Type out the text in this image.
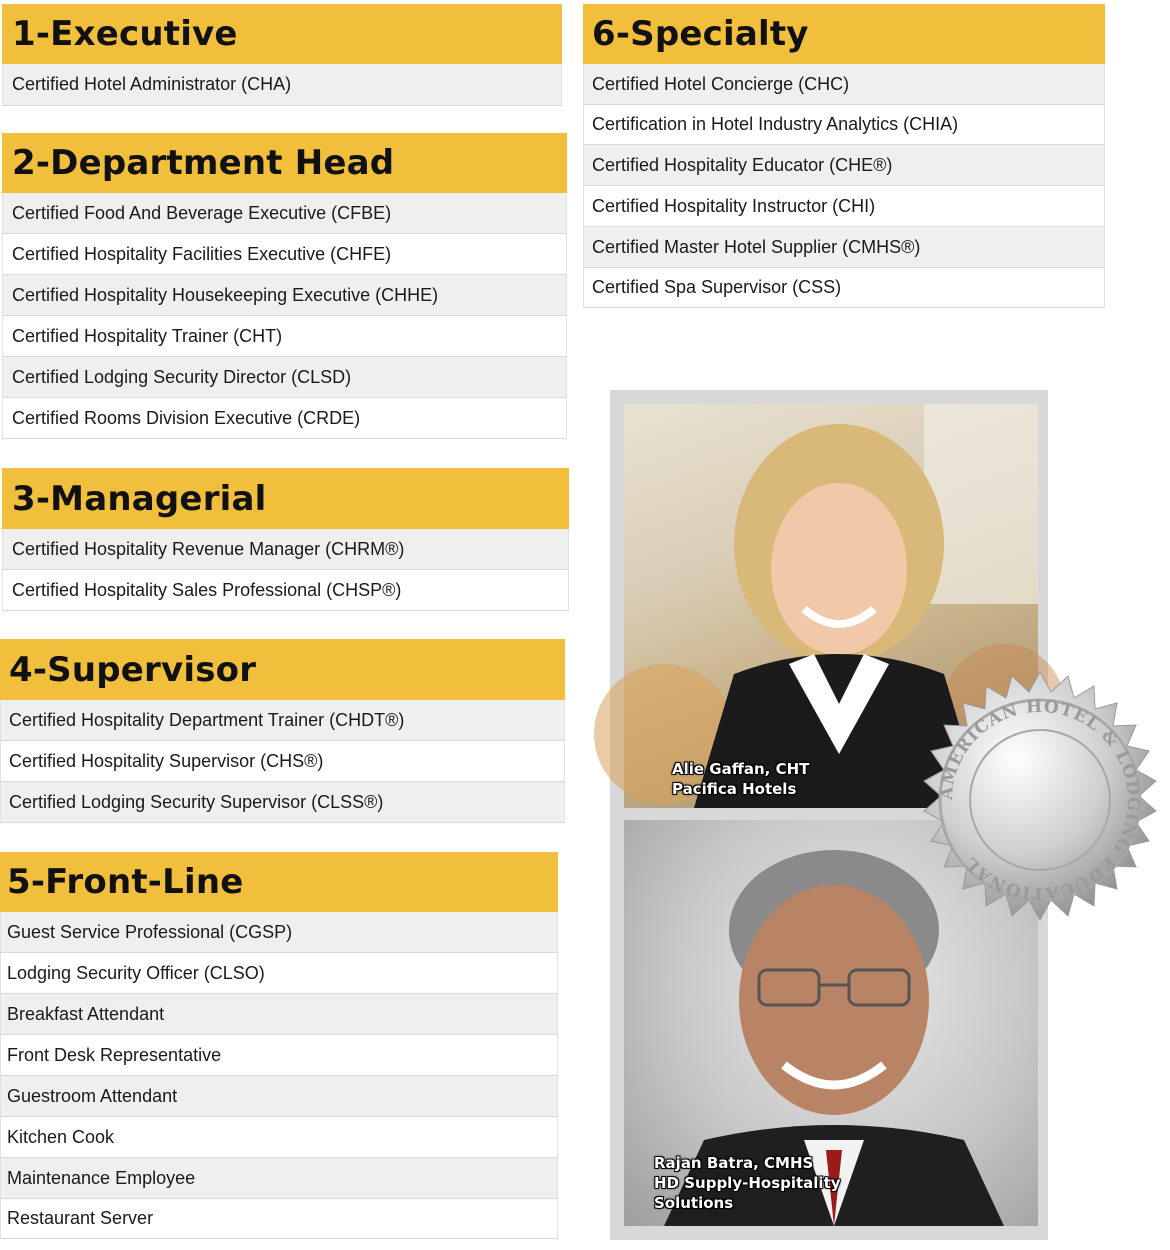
1-Executive
Certified Hotel Administrator (CHA)
2-Department Head
Certified Food And Beverage Executive (CFBE)
Certified Hospitality Facilities Executive (CHFE)
Certified Hospitality Housekeeping Executive (CHHE)
Certified Hospitality Trainer (CHT)
Certified Lodging Security Director (CLSD)
Certified Rooms Division Executive (CRDE)
3-Managerial
Certified Hospitality Revenue Manager (CHRM®)
Certified Hospitality Sales Professional (CHSP®)
4-Supervisor
Certified Hospitality Department Trainer (CHDT®)
Certified Hospitality Supervisor (CHS®)
Certified Lodging Security Supervisor (CLSS®)
5-Front-Line
Guest Service Professional (CGSP)
Lodging Security Officer (CLSO)
Breakfast Attendant
Front Desk Representative
Guestroom Attendant
Kitchen Cook
Maintenance Employee
Restaurant Server
6-Specialty
Certified Hotel Concierge (CHC)
Certification in Hotel Industry Analytics (CHIA)
Certified Hospitality Educator (CHE®)
Certified Hospitality Instructor (CHI)
Certified Master Hotel Supplier (CMHS®)
Certified Spa Supervisor (CSS)
Alie Gaffan, CHT
Pacifica Hotels
Rajan Batra, CMHS
HD Supply-Hospitality
Solutions
AMERICAN HOTEL & LODGING EDUCATIONAL
